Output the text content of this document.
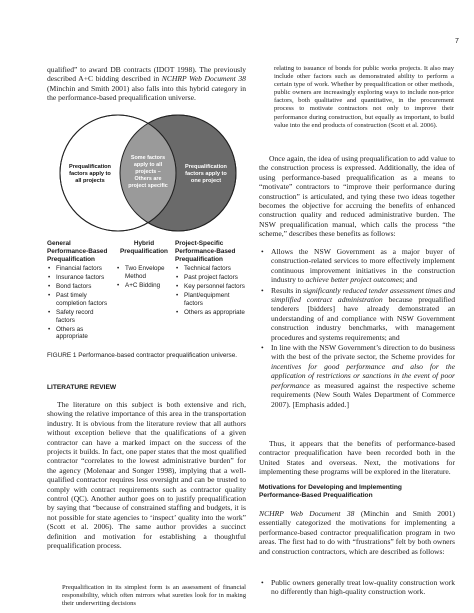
7
qualified” to award DB contracts (IDOT 1998). The previously described A+C bidding described in NCHRP Web Document 38 (Minchin and Smith 2001) also falls into this hybrid category in the performance-based prequalification universe.
Prequalification
factors apply to
all projects
Some factors
apply to all
projects –
Others are
project specific
Prequalification
factors apply to
one project
General
Performance-Based
Prequalification
• Financial factors
• Insurance factors
• Bond factors
• Past timely completion factors
• Safety record factors
• Others as appropriate
Hybrid
Prequalification
• Two Envelope Method
• A+C Bidding
Project-Specific
Performance-Based
Prequalification
• Technical factors
• Past project factors
• Key personnel factors
• Plant/equipment factors
• Others as appropriate
FIGURE 1 Performance-based contractor prequalification universe.
LITERATURE REVIEW
The literature on this subject is both extensive and rich, showing the relative importance of this area in the transportation industry. It is obvious from the literature review that all authors without exception believe that the qualifications of a given contractor can have a marked impact on the success of the projects it builds. In fact, one paper states that the most qualified contractor “correlates to the lowest administrative burden” for the agency (Molenaar and Songer 1998), implying that a well-qualified contractor requires less oversight and can be trusted to comply with contract requirements such as contractor quality control (QC). Another author goes on to justify prequalification by saying that “because of constrained staffing and budgets, it is not possible for state agencies to ‘inspect’ quality into the work” (Scott et al. 2006). The same author provides a succinct definition and motivation for establishing a thoughtful prequalification process.
Prequalification in its simplest form is an assessment of financial responsibility, which often mirrors what sureties look for in making their underwriting decisions
relating to issuance of bonds for public works projects. It also may include other factors such as demonstrated ability to perform a certain type of work. Whether by prequalification or other methods, public owners are increasingly exploring ways to include non-price factors, both qualitative and quantitative, in the procurement process to motivate contractors not only to improve their performance during construction, but equally as important, to build value into the end products of construction (Scott et al. 2006).
Once again, the idea of using prequalification to add value to the construction process is expressed. Additionally, the idea of using performance-based prequalification as a means to “motivate” contractors to “improve their performance during construction” is articulated, and tying these two ideas together becomes the objective for accruing the benefits of enhanced construction quality and reduced administrative burden. The NSW prequalification manual, which calls the process “the scheme,” describes these benefits as follows:
• Allows the NSW Government as a major buyer of construction-related services to more effectively implement continuous improvement initiatives in the construction industry to achieve better project outcomes; and
• Results in significantly reduced tender assessment times and simplified contract administration because prequalified tenderers [bidders] have already demonstrated an understanding of and compliance with NSW Government construction industry benchmarks, with management procedures and systems requirements; and
• In line with the NSW Government’s direction to do business with the best of the private sector, the Scheme provides for incentives for good performance and also for the application of restrictions or sanctions in the event of poor performance as measured against the respective scheme requirements (New South Wales Department of Commerce 2007). [Emphasis added.]
Thus, it appears that the benefits of performance-based contractor prequalification have been recorded both in the United States and overseas. Next, the motivations for implementing these programs will be explored in the literature.
Motivations for Developing and Implementing
Performance-Based Prequalification
NCHRP Web Document 38 (Minchin and Smith 2001) essentially categorized the motivations for implementing a performance-based contractor prequalification program in two areas. The first had to do with “frustrations” felt by both owners and construction contractors, which are described as follows:
• Public owners generally treat low-quality construction work no differently than high-quality construction work.
